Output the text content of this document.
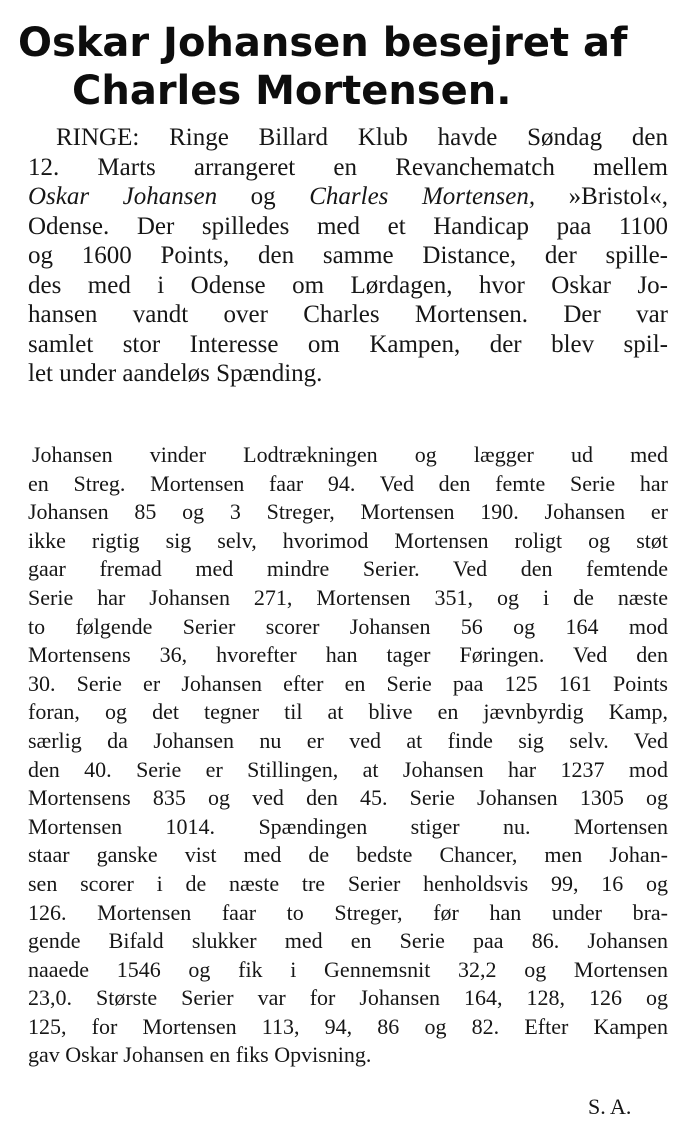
Oskar Johansen besejret af
Charles Mortensen.
RINGE: Ringe Billard Klub havde Søndag den
12. Marts arrangeret en Revanchematch mellem
Oskar Johansen og Charles Mortensen, »Bristol«,
Odense. Der spilledes med et Handicap paa 1100
og 1600 Points, den samme Distance, der spille-
des med i Odense om Lørdagen, hvor Oskar Jo-
hansen vandt over Charles Mortensen. Der var
samlet stor Interesse om Kampen, der blev spil-
let under aandeløs Spænding.
Johansen vinder Lodtrækningen og lægger ud med
en Streg. Mortensen faar 94. Ved den femte Serie har
Johansen 85 og 3 Streger, Mortensen 190. Johansen er
ikke rigtig sig selv, hvorimod Mortensen roligt og støt
gaar fremad med mindre Serier. Ved den femtende
Serie har Johansen 271, Mortensen 351, og i de næste
to følgende Serier scorer Johansen 56 og 164 mod
Mortensens 36, hvorefter han tager Føringen. Ved den
30. Serie er Johansen efter en Serie paa 125 161 Points
foran, og det tegner til at blive en jævnbyrdig Kamp,
særlig da Johansen nu er ved at finde sig selv. Ved
den 40. Serie er Stillingen, at Johansen har 1237 mod
Mortensens 835 og ved den 45. Serie Johansen 1305 og
Mortensen 1014. Spændingen stiger nu. Mortensen
staar ganske vist med de bedste Chancer, men Johan-
sen scorer i de næste tre Serier henholdsvis 99, 16 og
126. Mortensen faar to Streger, før han under bra-
gende Bifald slukker med en Serie paa 86. Johansen
naaede 1546 og fik i Gennemsnit 32,2 og Mortensen
23,0. Største Serier var for Johansen 164, 128, 126 og
125, for Mortensen 113, 94, 86 og 82. Efter Kampen
gav Oskar Johansen en fiks Opvisning.

S. A.
